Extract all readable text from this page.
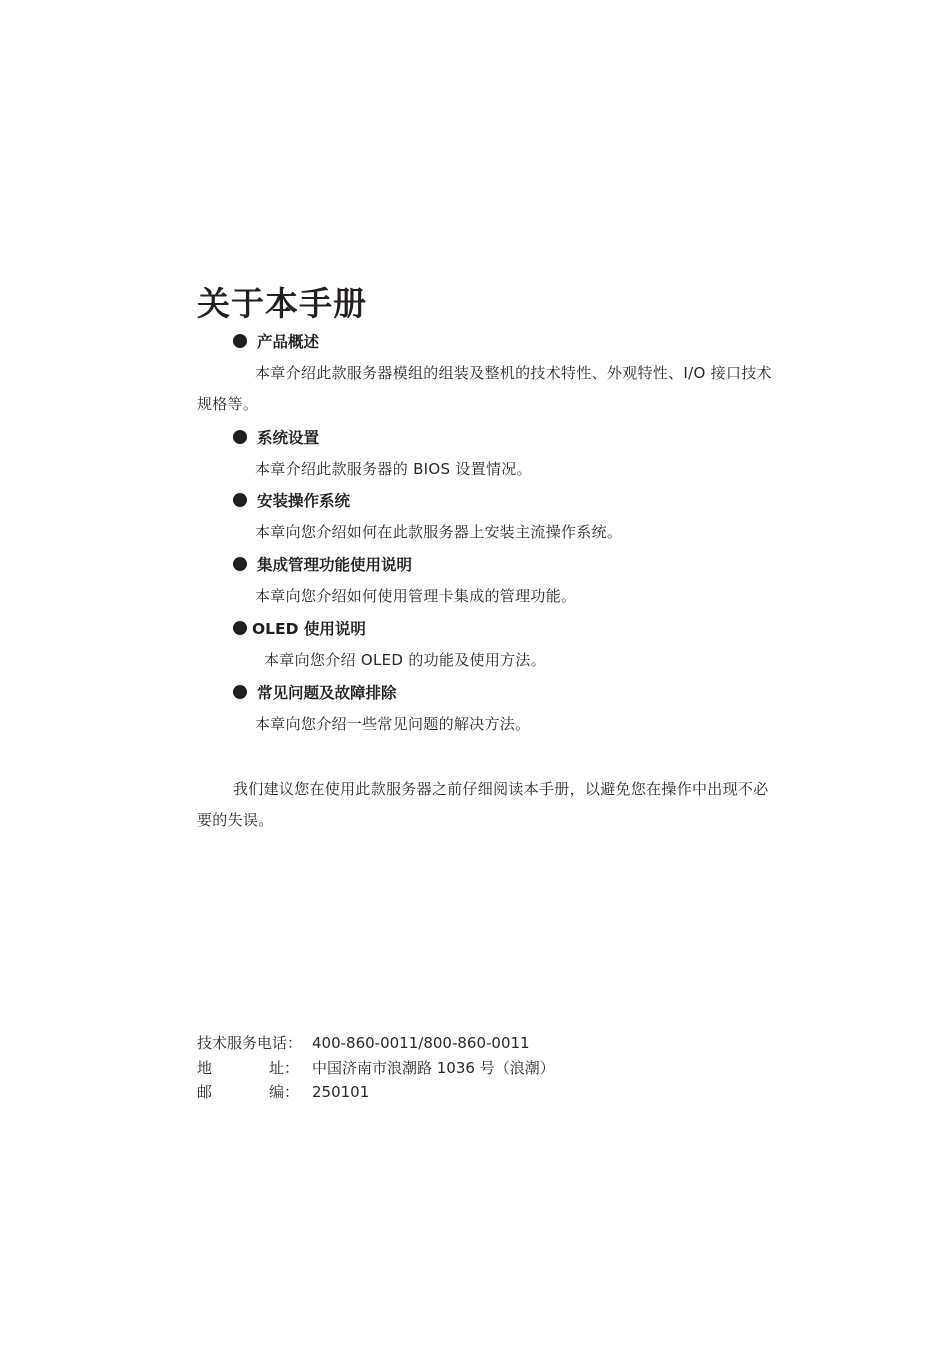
关于本手册
产品概述

本章介绍此款服务器模组的组装及整机的技术特性、外观特性、I/O 接口技术规格等。

系统设置

本章介绍此款服务器的 BIOS 设置情况。

安装操作系统

本章向您介绍如何在此款服务器上安装主流操作系统。

集成管理功能使用说明

本章向您介绍如何使用管理卡集成的管理功能。

OLED 使用说明

本章向您介绍 OLED 的功能及使用方法。

常见问题及故障排除

本章向您介绍一些常见问题的解决方法。

我们建议您在使用此款服务器之前仔细阅读本手册，以避免您在操作中出现不必要的失误。

技术服务电话： 400-860-0011/800-860-0011
地	址： 中国济南市浪潮路 1036 号（浪潮）
邮	编： 250101
